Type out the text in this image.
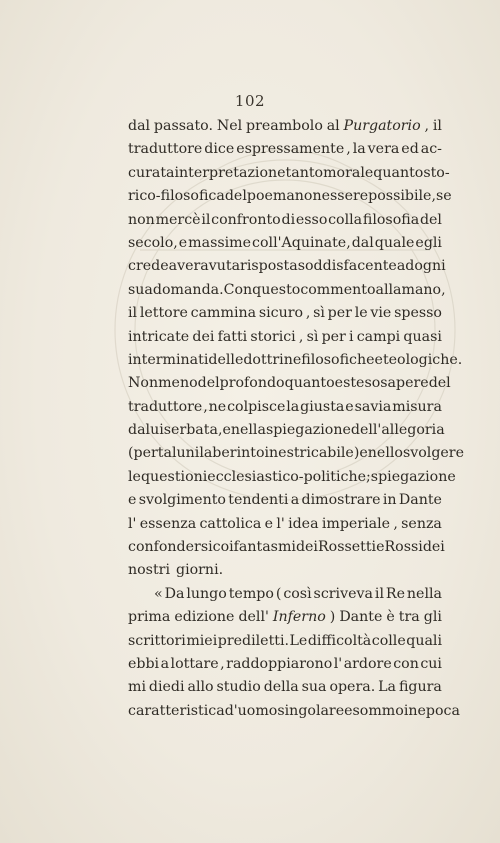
102
dal passato. Nel preambolo al Purgatorio , il
traduttore dice espressamente , la vera ed ac-
curata interpretazione tanto morale quanto sto-
rico-filosofica del poema non essere possibile, se
non mercè il confronto di esso colla filosofia del
secolo, e massime coll'Aquinate, dal quale egli
crede aver avuta risposta soddisfacente ad ogni
sua domanda. Con questo commento alla mano,
il lettore cammina sicuro , sì per le vie spesso
intricate dei fatti storici , sì per i campi quasi
interminati delle dottrine filosofiche e teologiche.
Non meno del profondo quanto esteso sapere del
traduttore , ne colpisce la giusta e savia misura
da lui serbata , e nella spiegazione dell' allegoria
(per taluni laberinto inestricabile) e nello svolgere
le questioni ecclesiastico-politiche ; spiegazione
e svolgimento tendenti a dimostrare in Dante
l' essenza cattolica e l' idea imperiale , senza
confondersi coi fantasmi dei Rossetti e Rossi dei
nostri giorni.
« Da lungo tempo ( così scriveva il Re nella
prima edizione dell' Inferno ) Dante è tra gli
scrittori miei prediletti. Le difficoltà colle quali
ebbi a lottare , raddoppiarono l' ardore con cui
mi diedi allo studio della sua opera. La figura
caratteristica d' uomo singolare e sommo in epoca
